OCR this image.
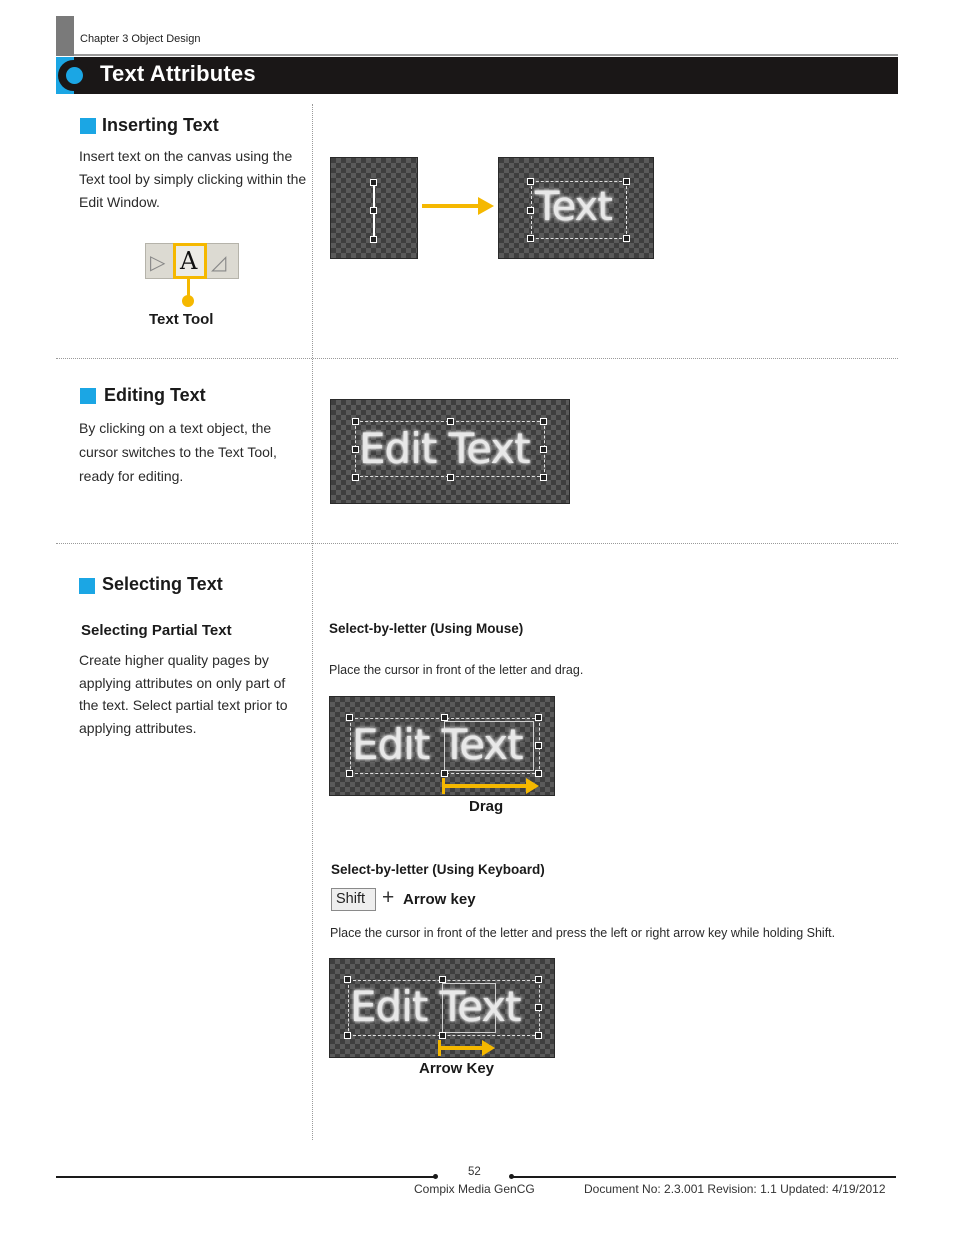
Chapter 3 Object Design
Text Attributes
Inserting Text
Insert text on the canvas using the Text tool by simply clicking within the Edit Window.
▷ ◿
A
Text Tool
Text
Editing Text
By clicking on a text object, the cursor switches to the Text Tool, ready for editing.
Edit Text
Selecting Text
Selecting Partial Text
Create higher quality pages by applying attributes on only part of the text. Select partial text prior to applying attributes.
Select-by-letter (Using Mouse)
Place the cursor in front of the letter and drag.
Edit Text
Drag
Select-by-letter (Using Keyboard)
Shift + Arrow key
Place the cursor in front of the letter and press the left or right arrow key while holding Shift.
Edit Text
Arrow Key
52
Compix Media GenCG	Document No: 2.3.001 Revision: 1.1 Updated: 4/19/2012
